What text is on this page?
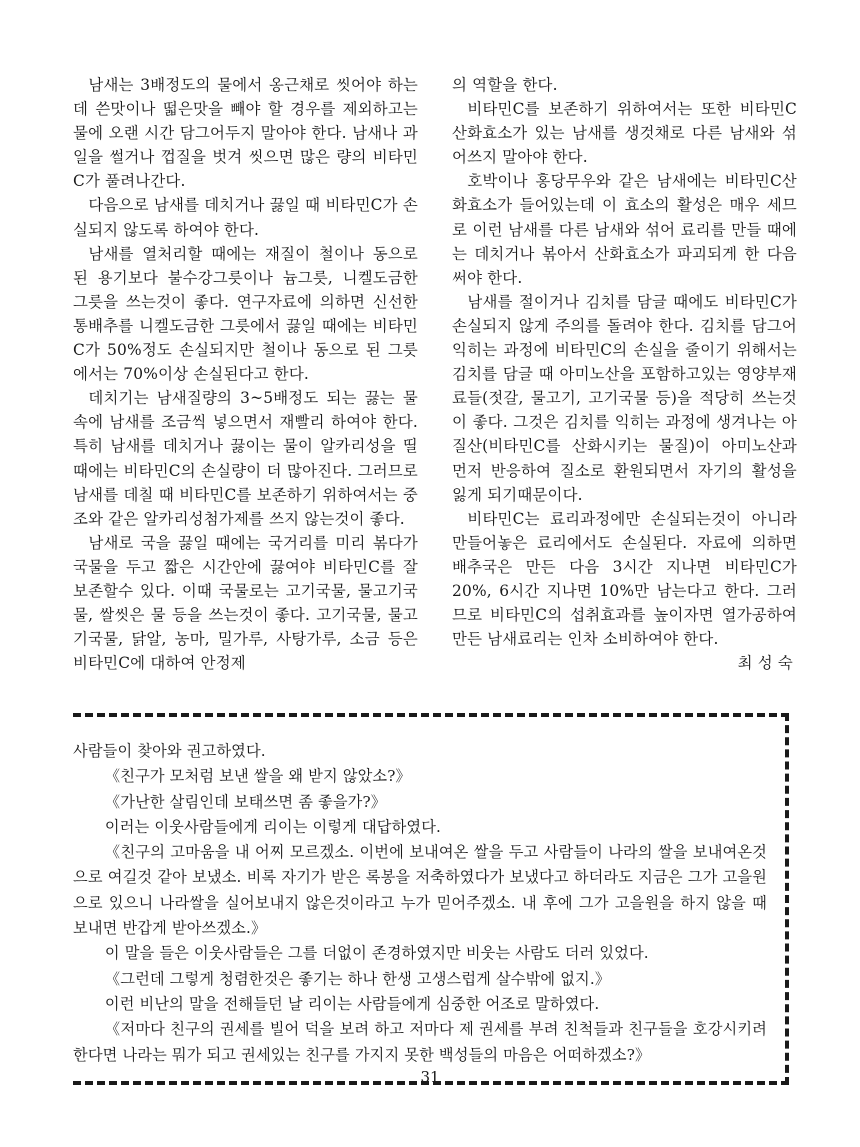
남새는 3배정도의 물에서 옹근채로 씻어야 하는데 쓴맛이나 떫은맛을 빼야 할 경우를 제외하고는 물에 오랜 시간 담그어두지 말아야 한다. 남새나 과일을 썰거나 껍질을 벗겨 씻으면 많은 량의 비타민C가 풀려나간다.

다음으로 남새를 데치거나 끓일 때 비타민C가 손실되지 않도록 하여야 한다.

남새를 열처리할 때에는 재질이 철이나 동으로 된 용기보다 불수강그릇이나 늄그릇, 니켈도금한 그릇을 쓰는것이 좋다. 연구자료에 의하면 신선한 통배추를 니켈도금한 그릇에서 끓일 때에는 비타민C가 50%정도 손실되지만 철이나 동으로 된 그릇에서는 70%이상 손실된다고 한다.

데치기는 남새질량의 3~5배정도 되는 끓는 물속에 남새를 조금씩 넣으면서 재빨리 하여야 한다. 특히 남새를 데치거나 끓이는 물이 알카리성을 띨 때에는 비타민C의 손실량이 더 많아진다. 그러므로 남새를 데칠 때 비타민C를 보존하기 위하여서는 중조와 같은 알카리성첨가제를 쓰지 않는것이 좋다.

남새로 국을 끓일 때에는 국거리를 미리 볶다가 국물을 두고 짧은 시간안에 끓여야 비타민C를 잘 보존할수 있다. 이때 국물로는 고기국물, 물고기국물, 쌀씻은 물 등을 쓰는것이 좋다. 고기국물, 물고기국물, 닭알, 농마, 밀가루, 사탕가루, 소금 등은 비타민C에 대하여 안정제

의 역할을 한다.

비타민C를 보존하기 위하여서는 또한 비타민C산화효소가 있는 남새를 생것채로 다른 남새와 섞어쓰지 말아야 한다.

호박이나 홍당무우와 같은 남새에는 비타민C산화효소가 들어있는데 이 효소의 활성은 매우 세므로 이런 남새를 다른 남새와 섞어 료리를 만들 때에는 데치거나 볶아서 산화효소가 파괴되게 한 다음 써야 한다.

남새를 절이거나 김치를 담글 때에도 비타민C가 손실되지 않게 주의를 돌려야 한다. 김치를 담그어 익히는 과정에 비타민C의 손실을 줄이기 위해서는 김치를 담글 때 아미노산을 포함하고있는 영양부재료들(젓갈, 물고기, 고기국물 등)을 적당히 쓰는것이 좋다. 그것은 김치를 익히는 과정에 생겨나는 아질산(비타민C를 산화시키는 물질)이 아미노산과 먼저 반응하여 질소로 환원되면서 자기의 활성을 잃게 되기때문이다.

비타민C는 료리과정에만 손실되는것이 아니라 만들어놓은 료리에서도 손실된다. 자료에 의하면 배추국은 만든 다음 3시간 지나면 비타민C가 20%, 6시간 지나면 10%만 남는다고 한다. 그러므로 비타민C의 섭취효과를 높이자면 열가공하여 만든 남새료리는 인차 소비하여야 한다.

최 성 숙

사람들이 찾아와 권고하였다.

《친구가 모처럼 보낸 쌀을 왜 받지 않았소?》

《가난한 살림인데 보태쓰면 좀 좋을가?》

이러는 이웃사람들에게 리이는 이렇게 대답하였다.

《친구의 고마움을 내 어찌 모르겠소. 이번에 보내여온 쌀을 두고 사람들이 나라의 쌀을 보내여온것으로 여길것 같아 보냈소. 비록 자기가 받은 록봉을 저축하였다가 보냈다고 하더라도 지금은 그가 고을원으로 있으니 나라쌀을 실어보내지 않은것이라고 누가 믿어주겠소. 내 후에 그가 고을원을 하지 않을 때 보내면 반갑게 받아쓰겠소.》

이 말을 들은 이웃사람들은 그를 더없이 존경하였지만 비웃는 사람도 더러 있었다.

《그런데 그렇게 청렴한것은 좋기는 하나 한생 고생스럽게 살수밖에 없지.》

이런 비난의 말을 전해들던 날 리이는 사람들에게 심중한 어조로 말하였다.

《저마다 친구의 권세를 빌어 덕을 보려 하고 저마다 제 권세를 부려 친척들과 친구들을 호강시키려 한다면 나라는 뭐가 되고 권세있는 친구를 가지지 못한 백성들의 마음은 어떠하겠소?》

31
